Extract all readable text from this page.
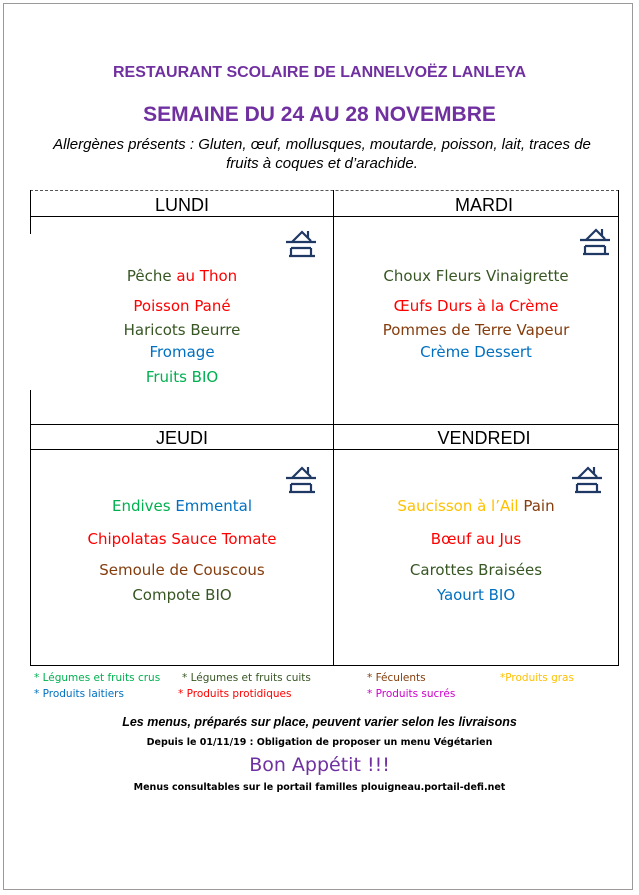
RESTAURANT SCOLAIRE DE LANNELVOËZ LANLEYA
SEMAINE DU 24 AU 28 NOVEMBRE
Allergènes présents : Gluten, œuf, mollusques, moutarde, poisson, lait, traces de
fruits à coques et d’arachide.
LUNDI	MARDI
JEUDI	VENDREDI
Pêche au Thon
Poisson Pané
Haricots Beurre
Fromage
Fruits BIO
Choux Fleurs Vinaigrette
Œufs Durs à la Crème
Pommes de Terre Vapeur
Crème Dessert
Endives Emmental
Chipolatas Sauce Tomate
Semoule de Couscous
Compote BIO
Saucisson à l’Ail Pain
Bœuf au Jus
Carottes Braisées
Yaourt BIO
* Légumes et fruits crus * Légumes et fruits cuits	* Féculents	*Produits gras
* Produits laitiers	* Produits protidiques	* Produits sucrés
Les menus, préparés sur place, peuvent varier selon les livraisons
Depuis le 01/11/19 : Obligation de proposer un menu Végétarien
Bon Appétit !!!
Menus consultables sur le portail familles plouigneau.portail-defi.net
